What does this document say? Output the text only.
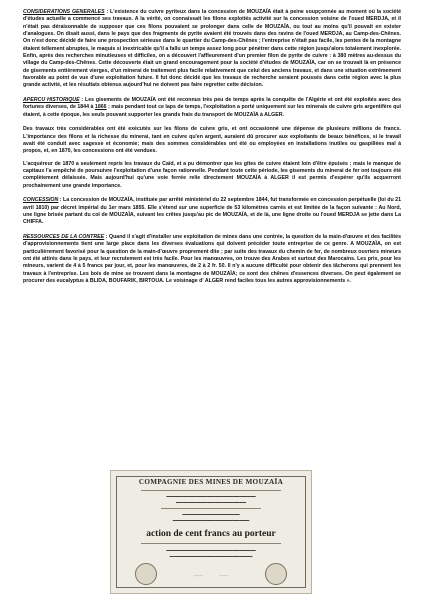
CONSIDERATIONS GENERALES : L'existence du cuivre pyriteux dans la concession de MOUZAÏA était à peine soupçonnée au moment où la société d'études actuelle a commencé ses travaux. A la vérité, on connaissait les filons exploités activité sur la concession voisine de l'oued MERDJA, et il n'était pas déraisonnable de supposer que ces filons pouvaient se prolonger dans celle de MOUZAÏA, ou tout au moins qu'il pouvait en exister d'analogues. On disait aussi, dans le pays que des fragments de pyrite avaient été trouvés dans des ravins de l'oued MERDJA, au Camp-des-Chênes. On n'est donc décidé de faire une prospection sérieuse dans le quartier du Camp-des-Chênes ; l'entreprise n'était pas facile, les pentes de la montagne étaient tellement abruptes, le maquis si inextricable qu'il a fallu un temps assez long pour pénétrer dans cette région jusqu'alors totalement inexplorée. Enfin, après des recherches minutieuses et difficiles, on a découvert l'affleurement d'un premier filon de pyrite de cuivre : à 380 mètres au-dessus du village du Camp-des-Chênes. Cette découverte était un grand encouragement pour la société d'études de MOUZAÏA, car on se trouvait là en présence de gisements entièrement vierges, d'un minerai de traitement plus facile relativement que celui des anciens travaux, et dans une situation extrêmement favorable au point de vue d'une exploitation future. Il fut donc décidé que les travaux de recherche seraient poussés dans cette région avec la plus grande activité, et les résultats obtenus aujourd'hui ne doivent pas faire regretter cette décision.

APERCU HISTORIQUE : Les gisements de MOUZAÏA ont été reconnus très peu de temps après la conquête de l'Algérie et ont été exploités avec des fortunes diverses, de 1844 à 1866 ; mais pendant tout ce laps de temps, l'exploitation a porté uniquement sur les minerais de cuivre gris argentifère qui étaient, à cette époque, les seuls pouvant supporter les grands frais du transport de MOUZAÏA à ALGER.

Des travaux très considérables ont été exécutés sur les filons de cuivre gris, et ont occasionné une dépense de plusieurs millions de francs. L'importance des filons et la richesse du minerai, tant en cuivre qu'en argent, auraient dû procurer aux exploitants de beaux bénéfices, si le travail avait été conduit avec sagesse et économie; mais des sommes considérables ont été ou employées en installations inutiles ou gaspillées mal à propos, et, en 1870, les concessions ont été vendues.

L'acquéreur de 1870 a seulement repris les travaux du Caïd, et a pu démontrer que les gîtes de cuivre étaient loin d'être épuisés ; mais le manque de capitaux l'a empêché de poursuivre l'exploitation d'une façon rationnelle. Pendant toute cette période, les gisements du minerai de fer ont toujours été complètement délaissés. Mais aujourd'hui qu'une voie ferrée relie directement MOUZAÏA à ALGER il est permis d'espérer qu'ils acquerront prochainement une grande importance.

CONCESSION : La concession de MOUZAÏA, instituée par arrêté ministériel du 22 septembre 1844, fut transformée en concession perpétuelle (loi du 21 avril 1810) par décret impérial du 1er mars 1855. Elle s'étend sur une superficie de 53 kilomètres carrés et est limitée de la façon suivante : Au Nord, une ligne brisée partant du col de MOUZAÏA, suivant les crêtes jusqu'au pic de MOUZAÏA, et de là, une ligne droite ou l'oued MERDJA se jette dans La CHIFFA.

RESSOURCES DE LA CONTREE : Quand il s'agit d'installer une exploitation de mines dans une contrée, la question de la main-d'œuvre et des facilités d'approvisionnements tient une large place dans les diverses évaluations qui doivent précéder toute entreprise de ce genre. A MOUZAÏA, on est particulièrement favorisé pour la question de la main-d'œuvre proprement dite ; par suite des travaux du chemin de fer, de nombreux ouvriers mineurs ont été attirés dans le pays, et leur recrutement est très facile. Pour les manœuvres, on trouve des Arabes et surtout des Marocains. Les prix, pour les mineurs, varient de 4 à 5 francs par jour, et, pour les manœuvres, de 2 à 2 fr. 50. Il n'y a aucune difficulté pour obtenir des tâcherons qui prennent les travaux à l'entreprise. Les bois de mine se trouvent dans la montagne de MOUZAÏA; ce sont des chênes d'essences diverses. On peut également se procurer des eucalyptus à BLIDA, BOUFARIK, BIRTOUA. Le voisinage d' ALGER rend faciles tous les autres approvisionnements ».

COMPAGNIE DES MINES DE MOUZAÏA
▬▬▬▬▬▬▬▬▬▬▬▬▬▬▬▬▬▬▬▬▬▬▬▬▬▬▬▬
▬▬▬▬▬▬▬▬▬▬▬▬▬▬▬▬▬▬▬▬▬▬
▬▬▬▬▬▬▬▬▬▬▬▬▬▬▬▬▬▬
▬▬▬▬▬▬▬▬▬▬▬▬▬▬▬▬▬▬▬▬▬▬▬▬
action de cent francs au porteur
▬▬▬▬▬▬▬▬▬▬▬▬▬▬▬▬▬▬▬▬▬▬▬▬▬▬▬▬
▬▬▬▬▬▬▬▬▬▬▬▬▬▬▬▬▬▬▬▬▬▬▬▬▬▬
〰〰〰　　　　　〰〰〰
